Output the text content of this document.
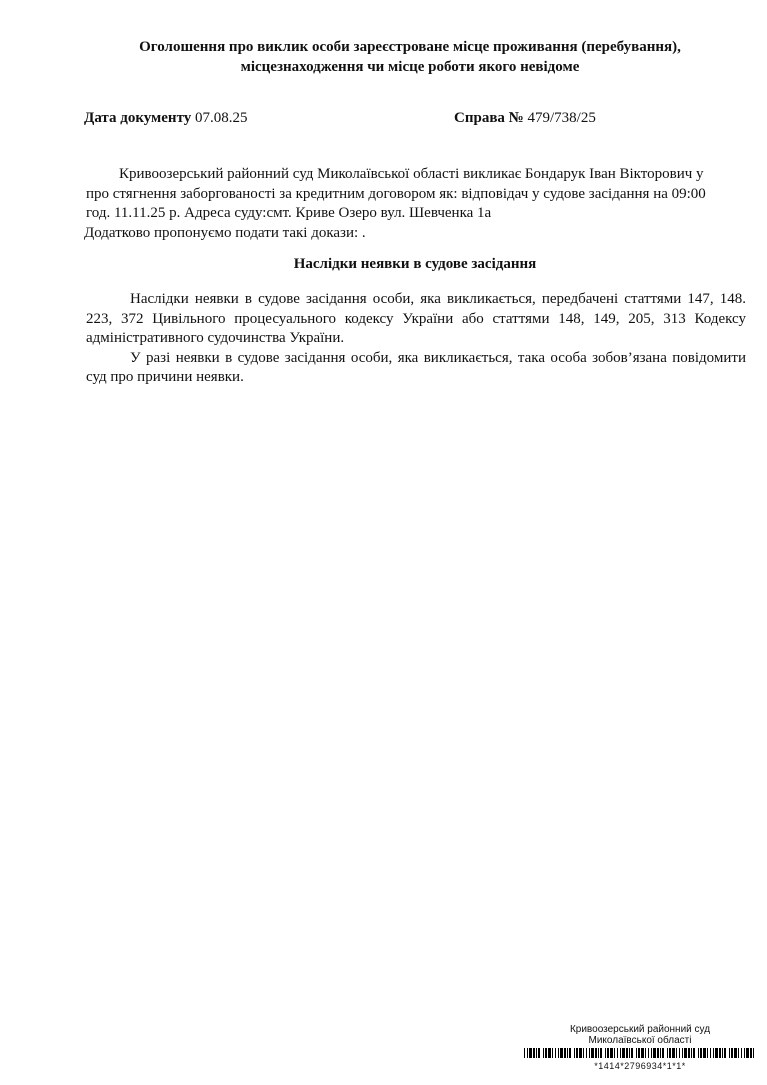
Оголошення про виклик особи зареєстроване місце проживання (перебування),
місцезнаходження чи місце роботи якого невідоме
Дата документу 07.08.25	Справа № 479/738/25
Кривоозерський районний суд Миколаївської області викликає Бондарук Іван Вікторович у
про стягнення заборгованості за кредитним договором як: відповідач у судове засідання на 09:00
год. 11.11.25 р. Адреса суду:смт. Криве Озеро вул. Шевченка 1а
Додатково пропонуємо подати такі докази: .
Наслідки неявки в судове засідання

Наслідки неявки в судове засідання особи, яка викликається, передбачені статтями 147, 148. 223, 372 Цивільного процесуального кодексу України або статтями 148, 149, 205, 313 Кодексу адміністративного судочинства України.

У разі неявки в судове засідання особи, яка викликається, така особа зобов’язана повідомити суд про причини неявки.

Кривоозерський районний суд
Миколаївської області
*1414*2796934*1*1*
